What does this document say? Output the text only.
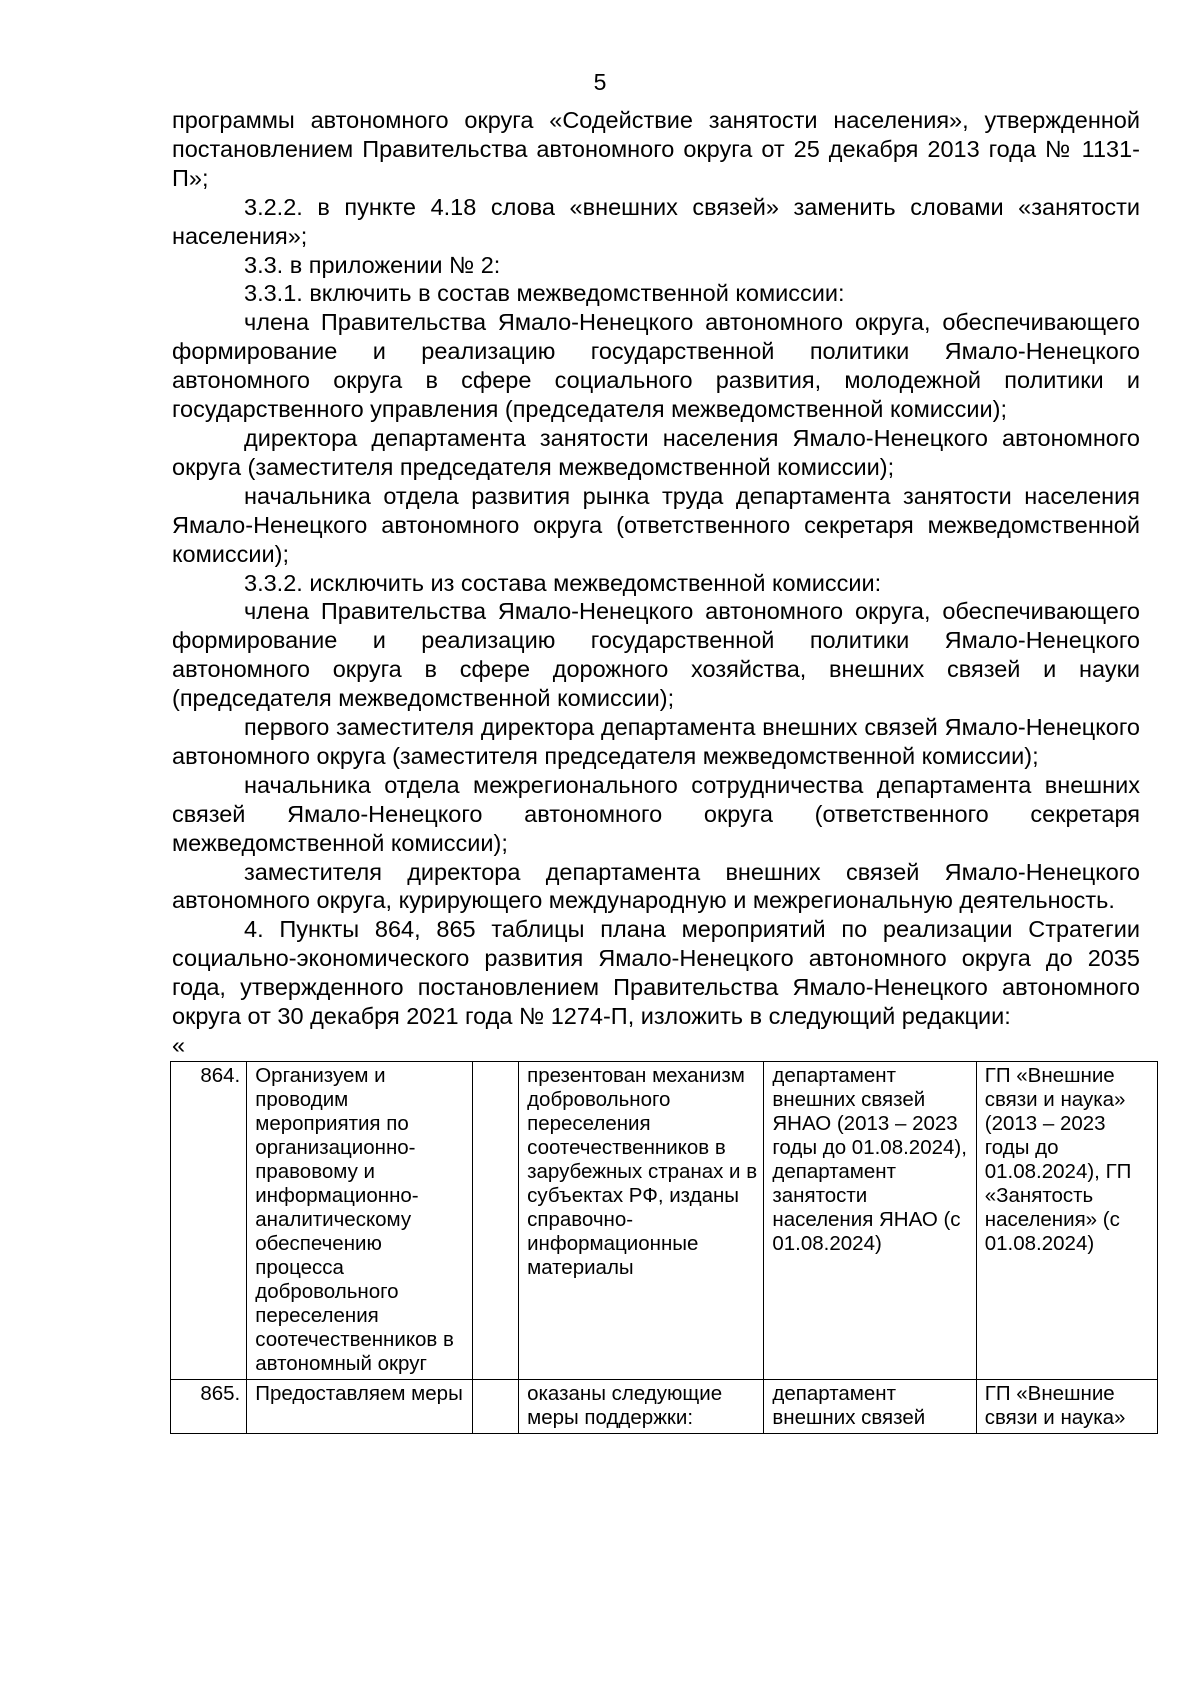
5

программы автономного округа «Содействие занятости населения», утвержденной постановлением Правительства автономного округа от 25 декабря 2013 года № 1131-П»;

3.2.2. в пункте 4.18 слова «внешних связей» заменить словами «занятости населения»;

3.3. в приложении № 2:

3.3.1. включить в состав межведомственной комиссии:

члена Правительства Ямало-Ненецкого автономного округа, обеспечивающего формирование и реализацию государственной политики Ямало-Ненецкого автономного округа в сфере социального развития, молодежной политики и государственного управления (председателя межведомственной комиссии);

директора департамента занятости населения Ямало-Ненецкого автономного округа (заместителя председателя межведомственной комиссии);

начальника отдела развития рынка труда департамента занятости населения Ямало-Ненецкого автономного округа (ответственного секретаря межведомственной комиссии);

3.3.2. исключить из состава межведомственной комиссии:

члена Правительства Ямало-Ненецкого автономного округа, обеспечивающего формирование и реализацию государственной политики Ямало-Ненецкого автономного округа в сфере дорожного хозяйства, внешних связей и науки (председателя межведомственной комиссии);

первого заместителя директора департамента внешних связей Ямало-Ненецкого автономного округа (заместителя председателя межведомственной комиссии);

начальника отдела межрегионального сотрудничества департамента внешних связей Ямало-Ненецкого автономного округа (ответственного секретаря межведомственной комиссии);

заместителя директора департамента внешних связей Ямало-Ненецкого автономного округа, курирующего международную и межрегиональную деятельность.

4. Пункты 864, 865 таблицы плана мероприятий по реализации Стратегии социально-экономического развития Ямало-Ненецкого автономного округа до 2035 года, утвержденного постановлением Правительства Ямало-Ненецкого автономного округа от 30 декабря 2021 года № 1274-П, изложить в следующий редакции:

«
864.	Организуем и проводим мероприятия по организационно-правовому и информационно-аналитическому обеспечению процесса добровольного переселения соотечественников в автономный округ		презентован механизм добровольного переселения соотечественников в зарубежных странах и в субъектах РФ, изданы справочно-информационные материалы	департамент внешних связей ЯНАО (2013 – 2023 годы до 01.08.2024), департамент занятости населения ЯНАО (с 01.08.2024)	ГП «Внешние связи и наука» (2013 – 2023 годы до 01.08.2024), ГП «Занятость населения» (с 01.08.2024)
865.	Предоставляем меры		оказаны следующие меры поддержки:	департамент внешних связей	ГП «Внешние связи и наука»
